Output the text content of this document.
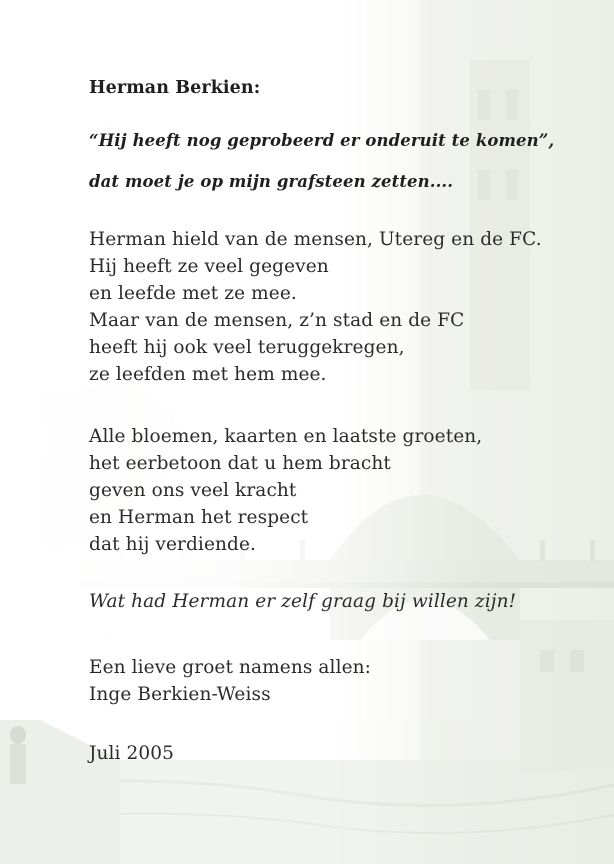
Herman Berkien:
“Hij heeft nog geprobeerd er onderuit te komen”,
dat moet je op mijn grafsteen zetten....
Herman hield van de mensen, Utereg en de FC.
Hij heeft ze veel gegeven
en leefde met ze mee.
Maar van de mensen, z’n stad en de FC
heeft hij ook veel teruggekregen,
ze leefden met hem mee.
Alle bloemen, kaarten en laatste groeten,
het eerbetoon dat u hem bracht
geven ons veel kracht
en Herman het respect
dat hij verdiende.
Wat had Herman er zelf graag bij willen zijn!
Een lieve groet namens allen:
Inge Berkien-Weiss
Juli 2005
